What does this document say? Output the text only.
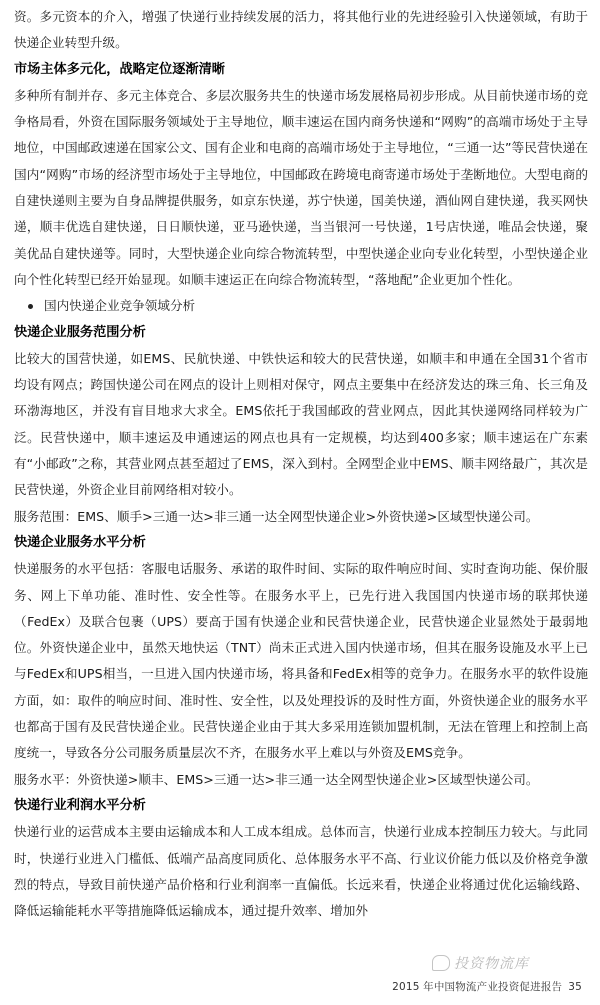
资。多元资本的介入，增强了快递行业持续发展的活力，将其他行业的先进经验引入快递领域，有助于快递企业转型升级。

市场主体多元化，战略定位逐渐清晰

多种所有制并存、多元主体竞合、多层次服务共生的快递市场发展格局初步形成。从目前快递市场的竞争格局看，外资在国际服务领域处于主导地位，顺丰速运在国内商务快递和“网购”的高端市场处于主导地位，中国邮政速递在国家公文、国有企业和电商的高端市场处于主导地位，“三通一达”等民营快递在国内“网购”市场的经济型市场处于主导地位，中国邮政在跨境电商寄递市场处于垄断地位。大型电商的自建快递则主要为自身品牌提供服务，如京东快递，苏宁快递，国美快递，酒仙网自建快递，我买网快递，顺丰优选自建快递，日日顺快递，亚马逊快递，当当银河一号快递，1号店快递，唯品会快递，聚美优品自建快递等。同时，大型快递企业向综合物流转型，中型快递企业向专业化转型，小型快递企业向个性化转型已经开始显现。如顺丰速运正在向综合物流转型，“落地配”企业更加个性化。

国内快递企业竞争领域分析

快递企业服务范围分析

比较大的国营快递，如EMS、民航快递、中铁快运和较大的民营快递，如顺丰和申通在全国31个省市均设有网点；跨国快递公司在网点的设计上则相对保守，网点主要集中在经济发达的珠三角、长三角及环渤海地区，并没有盲目地求大求全。EMS依托于我国邮政的营业网点，因此其快递网络同样较为广泛。民营快递中，顺丰速运及申通速运的网点也具有一定规模，均达到400多家；顺丰速运在广东素有“小邮政”之称，其营业网点甚至超过了EMS，深入到村。全网型企业中EMS、顺丰网络最广，其次是民营快递，外资企业目前网络相对较小。

服务范围：EMS、顺手>三通一达>非三通一达全网型快递企业>外资快递>区域型快递公司。

快递企业服务水平分析

快递服务的水平包括：客服电话服务、承诺的取件时间、实际的取件响应时间、实时查询功能、保价服务、网上下单功能、准时性、安全性等。在服务水平上，已先行进入我国国内快递市场的联邦快递（FedEx）及联合包裹（UPS）要高于国有快递企业和民营快递企业，民营快递企业显然处于最弱地位。外资快递企业中，虽然天地快运（TNT）尚未正式进入国内快递市场，但其在服务设施及水平上已与FedEx和UPS相当，一旦进入国内快递市场，将具备和FedEx相等的竞争力。在服务水平的软件设施方面，如：取件的响应时间、准时性、安全性，以及处理投诉的及时性方面，外资快递企业的服务水平也都高于国有及民营快递企业。民营快递企业由于其大多采用连锁加盟机制，无法在管理上和控制上高度统一，导致各分公司服务质量层次不齐，在服务水平上难以与外资及EMS竞争。

服务水平：外资快递>顺丰、EMS>三通一达>非三通一达全网型快递企业>区域型快递公司。

快递行业利润水平分析

快递行业的运营成本主要由运输成本和人工成本组成。总体而言，快递行业成本控制压力较大。与此同时，快递行业进入门槛低、低端产品高度同质化、总体服务水平不高、行业议价能力低以及价格竞争激烈的特点，导致目前快递产品价格和行业利润率一直偏低。长远来看，快递企业将通过优化运输线路、降低运输能耗水平等措施降低运输成本，通过提升效率、增加外

投资物流库
2015 年中国物流产业投资促进报告 35
